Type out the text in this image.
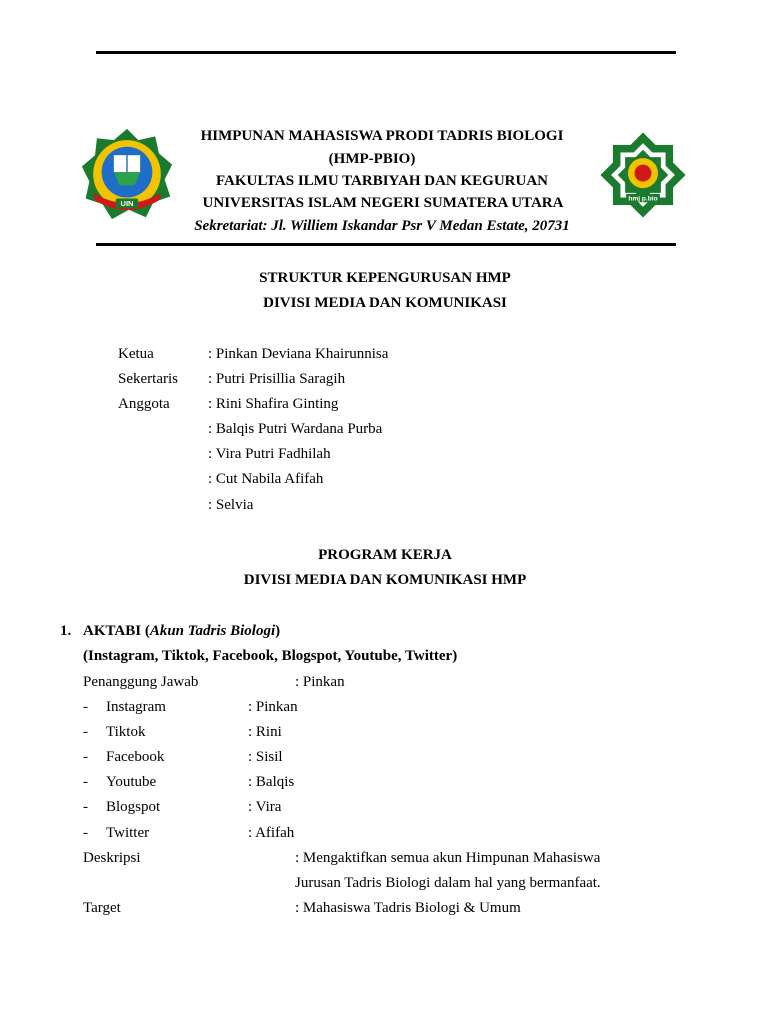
UIN
hmj p.bio
HIMPUNAN MAHASISWA PRODI TADRIS BIOLOGI
(HMP-PBIO)
FAKULTAS ILMU TARBIYAH DAN KEGURUAN
UNIVERSITAS ISLAM NEGERI SUMATERA UTARA
Sekretariat: Jl. Williem Iskandar Psr V Medan Estate, 20731
STRUKTUR KEPENGURUSAN HMP
DIVISI MEDIA DAN KOMUNIKASI
Ketua	: Pinkan Deviana Khairunnisa
Sekertaris : Putri Prisillia Saragih
Anggota	: Rini Shafira Ginting
: Balqis Putri Wardana Purba
: Vira Putri Fadhilah
: Cut Nabila Afifah
: Selvia
PROGRAM KERJA
DIVISI MEDIA DAN KOMUNIKASI HMP
1. AKTABI (Akun Tadris Biologi)
(Instagram, Tiktok, Facebook, Blogspot, Youtube, Twitter)
Penanggung Jawab	: Pinkan
- Instagram	: Pinkan
- Tiktok	: Rini
- Facebook	: Sisil
- Youtube	: Balqis
- Blogspot	: Vira
- Twitter	: Afifah
Deskripsi	: Mengaktifkan semua akun Himpunan Mahasiswa
Jurusan Tadris Biologi dalam hal yang bermanfaat.
Target	: Mahasiswa Tadris Biologi & Umum
